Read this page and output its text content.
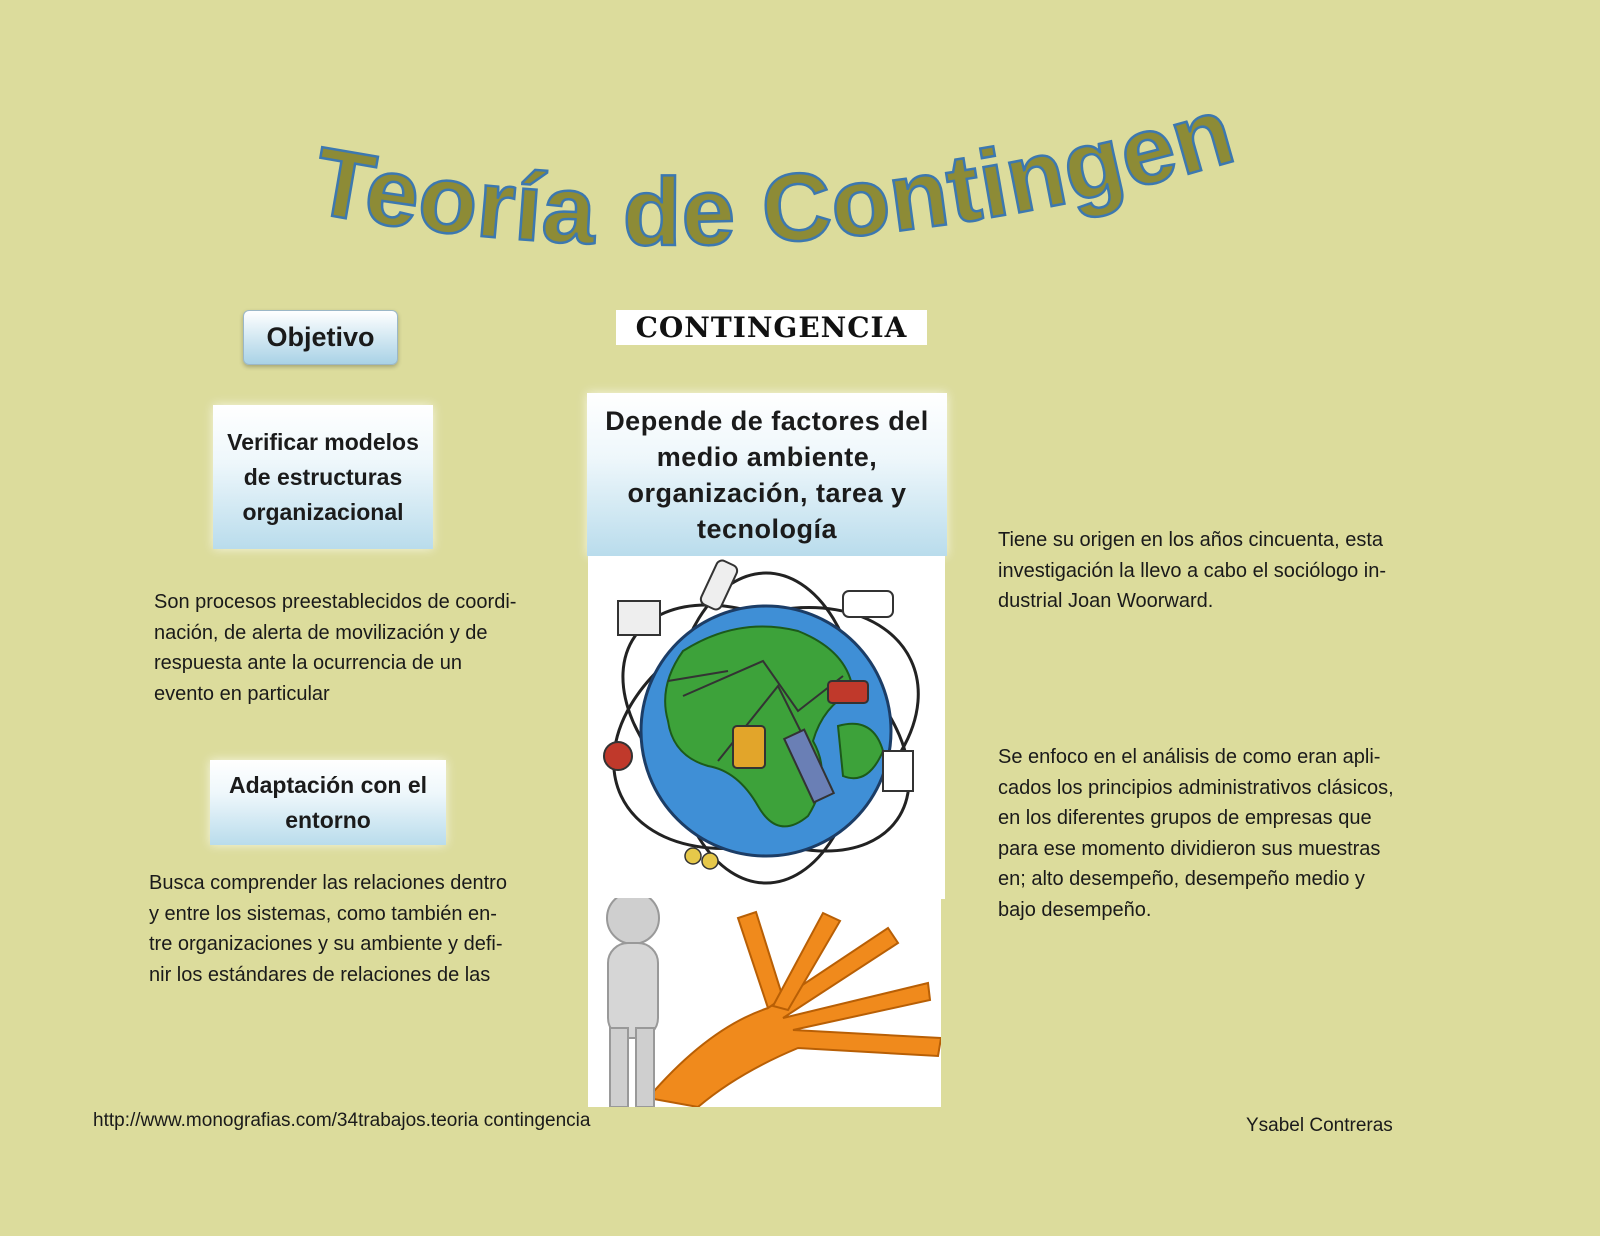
Teoría de Contingen
Objetivo
Verificar modelos de estructuras organizacional
Son procesos preestablecidos de coordi-
nación, de alerta de movilización y de
respuesta ante la ocurrencia de un
evento en particular
Adaptación con el entorno
Busca comprender las relaciones dentro
y entre los sistemas, como también en-
tre organizaciones y su ambiente y defi-
nir los estándares de relaciones de las
CONTINGENCIA
Depende de factores del medio ambiente, organización, tarea y tecnología	Tiene su origen en los años cincuenta, esta
investigación la llevo a cabo el sociólogo in-
dustrial Joan Woorward.
Se enfoco en el análisis de como eran apli-
cados los principios administrativos clásicos,
en los diferentes grupos de empresas que
para ese momento dividieron sus muestras
en; alto desempeño, desempeño medio y
bajo desempeño.
http://www.monografias.com/34trabajos.teoria contingencia	Ysabel Contreras
